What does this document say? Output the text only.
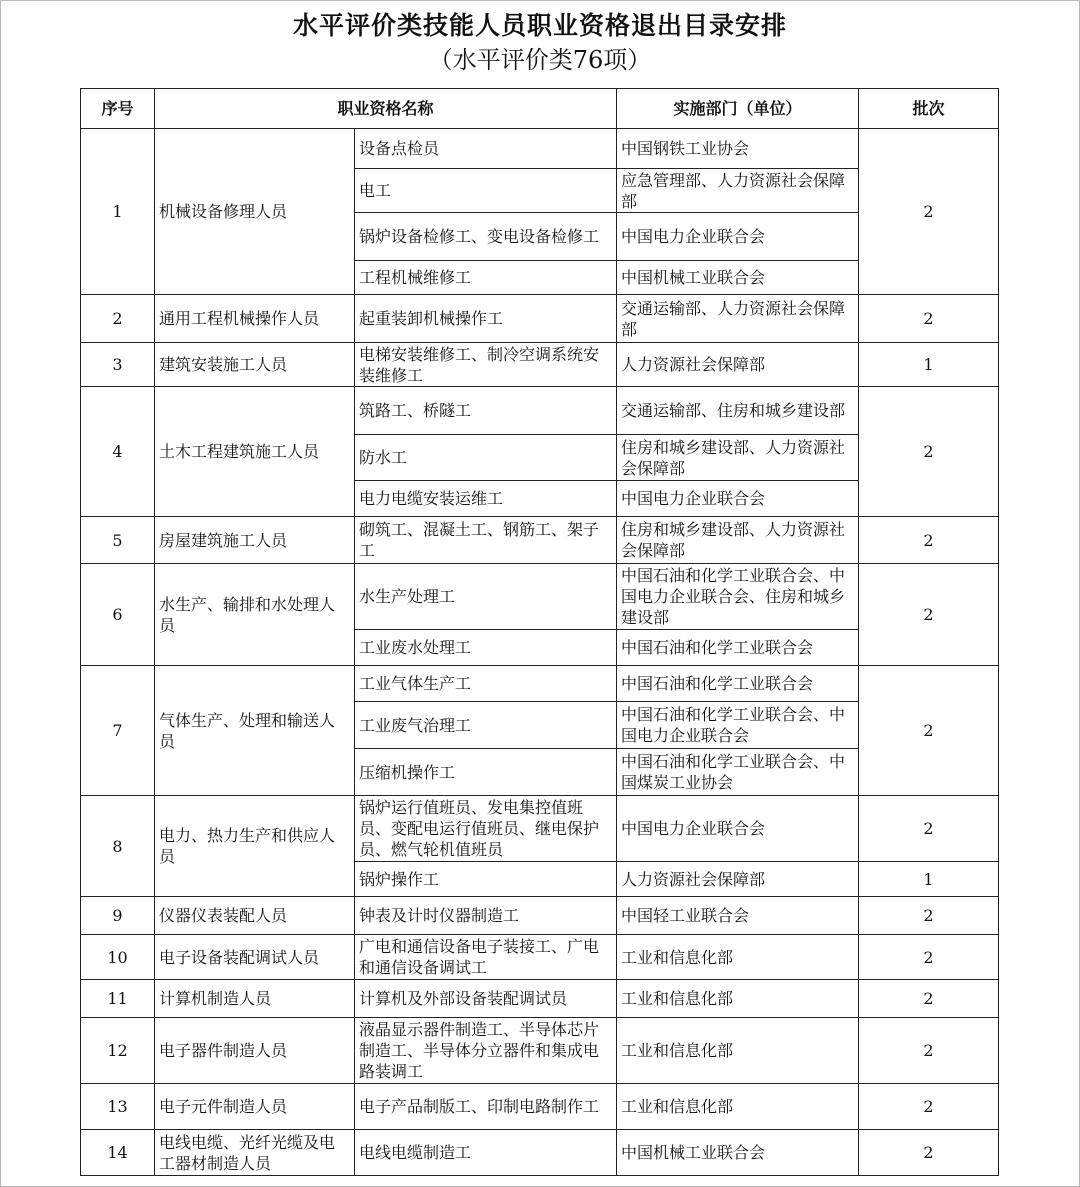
水平评价类技能人员职业资格退出目录安排
（水平评价类76项）
序号	职业资格名称		实施部门（单位）	批次
1	机械设备修理人员	设备点检员	中国钢铁工业协会	2
		电工	应急管理部、人力资源社会保障部	
		锅炉设备检修工、变电设备检修工	中国电力企业联合会	
		工程机械维修工	中国机械工业联合会	
2	通用工程机械操作人员	起重装卸机械操作工	交通运输部、人力资源社会保障部	2
3	建筑安装施工人员	电梯安装维修工、制冷空调系统安装维修工	人力资源社会保障部	1
4	土木工程建筑施工人员	筑路工、桥隧工	交通运输部、住房和城乡建设部	2
		防水工	住房和城乡建设部、人力资源社会保障部	
		电力电缆安装运维工	中国电力企业联合会	
5	房屋建筑施工人员	砌筑工、混凝土工、钢筋工、架子工	住房和城乡建设部、人力资源社会保障部	2
6	水生产、输排和水处理人员	水生产处理工	中国石油和化学工业联合会、中国电力企业联合会、住房和城乡建设部	2
		工业废水处理工	中国石油和化学工业联合会	
7	气体生产、处理和输送人员	工业气体生产工	中国石油和化学工业联合会	2
		工业废气治理工	中国石油和化学工业联合会、中国电力企业联合会	
		压缩机操作工	中国石油和化学工业联合会、中国煤炭工业协会	
8	电力、热力生产和供应人员	锅炉运行值班员、发电集控值班员、变配电运行值班员、继电保护员、燃气轮机值班员	中国电力企业联合会	2
		锅炉操作工	人力资源社会保障部	1
9	仪器仪表装配人员	钟表及计时仪器制造工	中国轻工业联合会	2
10	电子设备装配调试人员	广电和通信设备电子装接工、广电和通信设备调试工	工业和信息化部	2
11	计算机制造人员	计算机及外部设备装配调试员	工业和信息化部	2
12	电子器件制造人员	液晶显示器件制造工、半导体芯片制造工、半导体分立器件和集成电路装调工	工业和信息化部	2
13	电子元件制造人员	电子产品制版工、印制电路制作工	工业和信息化部	2
14	电线电缆、光纤光缆及电工器材制造人员	电线电缆制造工	中国机械工业联合会	2
